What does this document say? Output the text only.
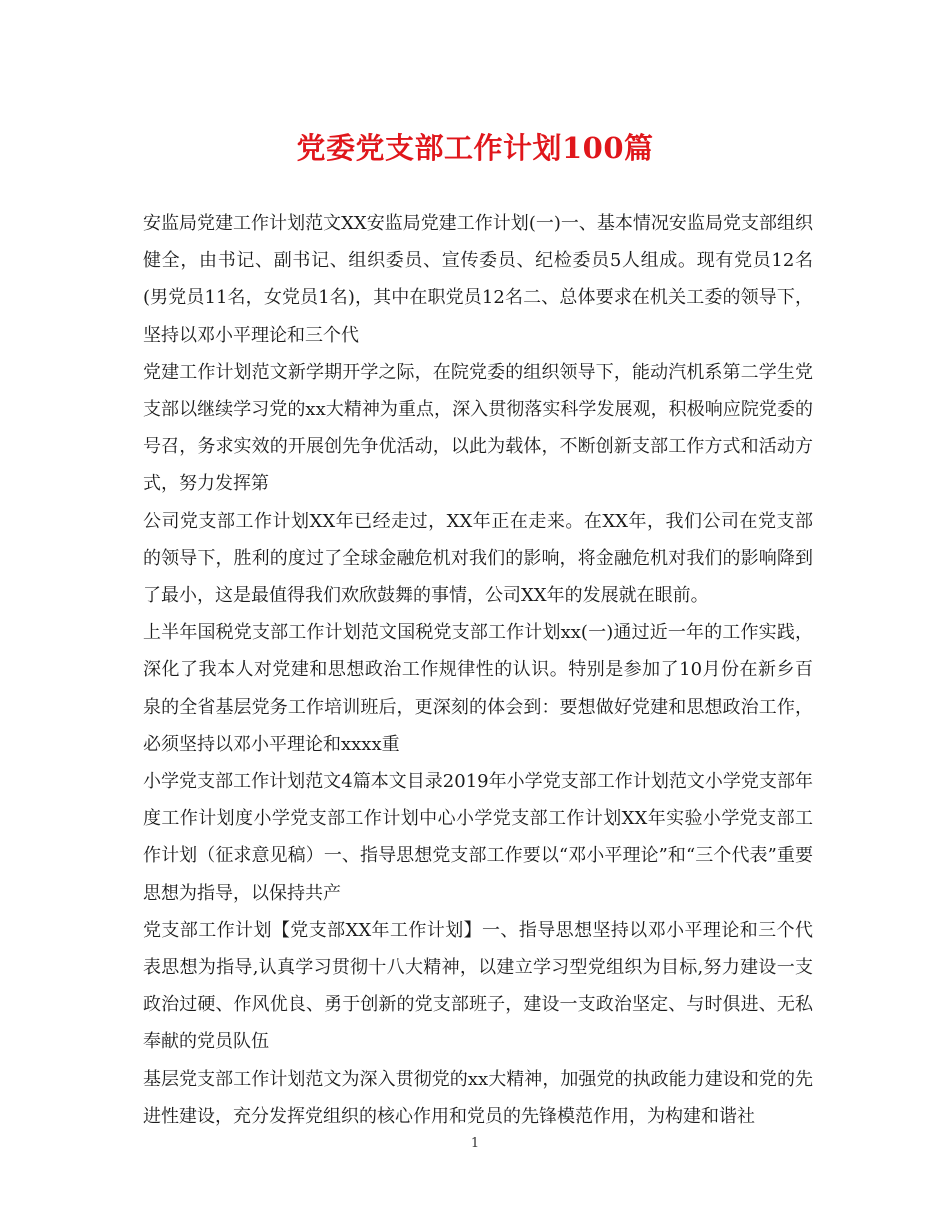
党委党支部工作计划100篇

安监局党建工作计划范文XX安监局党建工作计划(一)一、基本情况安监局党支部组织健全，由书记、副书记、组织委员、宣传委员、纪检委员5人组成。现有党员12名(男党员11名，女党员1名)，其中在职党员12名二、总体要求在机关工委的领导下，坚持以邓小平理论和三个代

党建工作计划范文新学期开学之际，在院党委的组织领导下，能动汽机系第二学生党支部以继续学习党的xx大精神为重点，深入贯彻落实科学发展观，积极响应院党委的号召，务求实效的开展创先争优活动，以此为载体，不断创新支部工作方式和活动方式，努力发挥第

公司党支部工作计划XX年已经走过，XX年正在走来。在XX年，我们公司在党支部的领导下，胜利的度过了全球金融危机对我们的影响，将金融危机对我们的影响降到了最小，这是最值得我们欢欣鼓舞的事情，公司XX年的发展就在眼前。

上半年国税党支部工作计划范文国税党支部工作计划xx(一)通过近一年的工作实践，深化了我本人对党建和思想政治工作规律性的认识。特别是参加了10月份在新乡百泉的全省基层党务工作培训班后，更深刻的体会到：要想做好党建和思想政治工作，必须坚持以邓小平理论和xxxx重

小学党支部工作计划范文4篇本文目录2019年小学党支部工作计划范文小学党支部年度工作计划度小学党支部工作计划中心小学党支部工作计划XX年实验小学党支部工作计划（征求意见稿）一、指导思想党支部工作要以“邓小平理论”和“三个代表”重要思想为指导，以保持共产

党支部工作计划【党支部XX年工作计划】一、指导思想坚持以邓小平理论和三个代表思想为指导,认真学习贯彻十八大精神，以建立学习型党组织为目标,努力建设一支政治过硬、作风优良、勇于创新的党支部班子，建设一支政治坚定、与时俱进、无私奉献的党员队伍

基层党支部工作计划范文为深入贯彻党的xx大精神，加强党的执政能力建设和党的先进性建设，充分发挥党组织的核心作用和党员的先锋模范作用，为构建和谐社

1
